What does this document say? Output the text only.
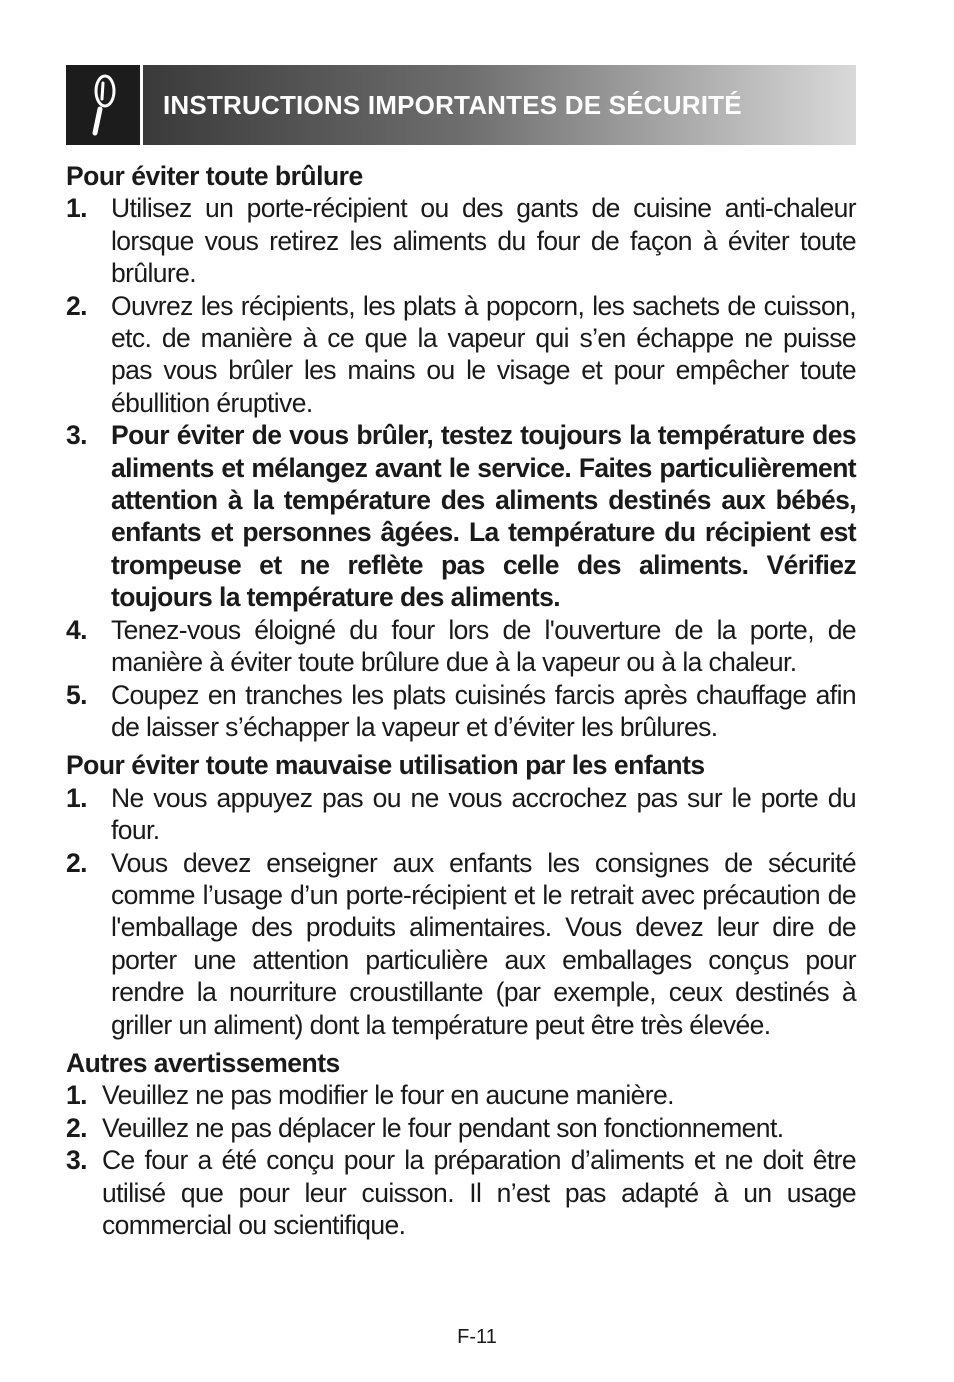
INSTRUCTIONS IMPORTANTES DE SÉCURITÉ
Pour éviter toute brûlure
1. Utilisez un porte-récipient ou des gants de cuisine anti-chaleur lorsque vous retirez les aliments du four de façon à éviter toute brûlure.
2. Ouvrez les récipients, les plats à popcorn, les sachets de cuisson, etc. de manière à ce que la vapeur qui s’en échappe ne puisse pas vous brûler les mains ou le visage et pour empêcher toute ébullition éruptive.
3. Pour éviter de vous brûler, testez toujours la température des aliments et mélangez avant le service. Faites particulièrement attention à la température des aliments destinés aux bébés, enfants et personnes âgées. La température du récipient est trompeuse et ne reflète pas celle des aliments. Vérifiez toujours la température des aliments.
4. Tenez-vous éloigné du four lors de l'ouverture de la porte, de manière à éviter toute brûlure due à la vapeur ou à la chaleur.
5. Coupez en tranches les plats cuisinés farcis après chauffage afin de laisser s’échapper la vapeur et d’éviter les brûlures.
Pour éviter toute mauvaise utilisation par les enfants
1. Ne vous appuyez pas ou ne vous accrochez pas sur le porte du four.
2. Vous devez enseigner aux enfants les consignes de sécurité comme l’usage d’un porte-récipient et le retrait avec précaution de l'emballage des produits alimentaires. Vous devez leur dire de porter une attention particulière aux emballages conçus pour rendre la nourriture croustillante (par exemple, ceux destinés à griller un aliment) dont la température peut être très élevée.
Autres avertissements
1. Veuillez ne pas modifier le four en aucune manière.
2. Veuillez ne pas déplacer le four pendant son fonctionnement.
3. Ce four a été conçu pour la préparation d’aliments et ne doit être utilisé que pour leur cuisson. Il n’est pas adapté à un usage commercial ou scientifique.
F-11
